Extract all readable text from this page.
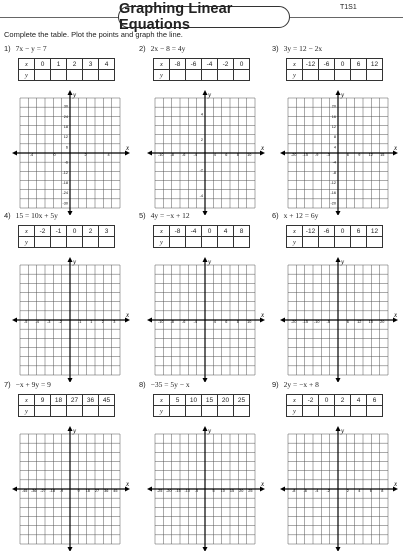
Graphing Linear Equations
T1S1
Complete the table. Plot the points and graph the line.
1) 7x − y = 7
x	0	1	2	3	4
y					
x
y
-4	0	2	4
30
24
18
12
6
-6
-12
-18
-24
-30
2) 2x − 8 = 4y
x	-8	-6	-4	-2	0
y					
x
y
-10 -8 -6 -4	4 6 8 10
4
2
-2
-4
3) 3y = 12 − 2x
x	-12	-6	0	6	12
y					
x
y
-20 -15 -9 -3	6 9 12 15
20
16
12
8
4
-4
-8
-12
-16
-20
4) 15 = 10x + 5y
x	-2	-1	0	2	3
y					
x
y
-5 -4 -3 -2	-1 1 2 3
5) 4y = −x + 12
x	-8	-4	0	4	8
y					
x
y
-10 -8 -6 -4	4 6 8 10
6) x + 12 = 6y
x	-12	-6	0	6	12
y					
x
y
-20 -15 -10 -5	6 12 15 20
7) −x + 9y = 9
x	9	18	27	36	45
y					
x
y
-45 -36 -27 -18 -9	9 18 27 36 45
8) −35 = 5y − x
x	5	10	15	20	25
y					
x
y
-25 -20 -15 -10 -5	5 10 15 20 25
9) 2y = −x + 8
x	-2	0	2	4	6
y					
x
y
-8 -6 -4 -2	2 4 6 8
